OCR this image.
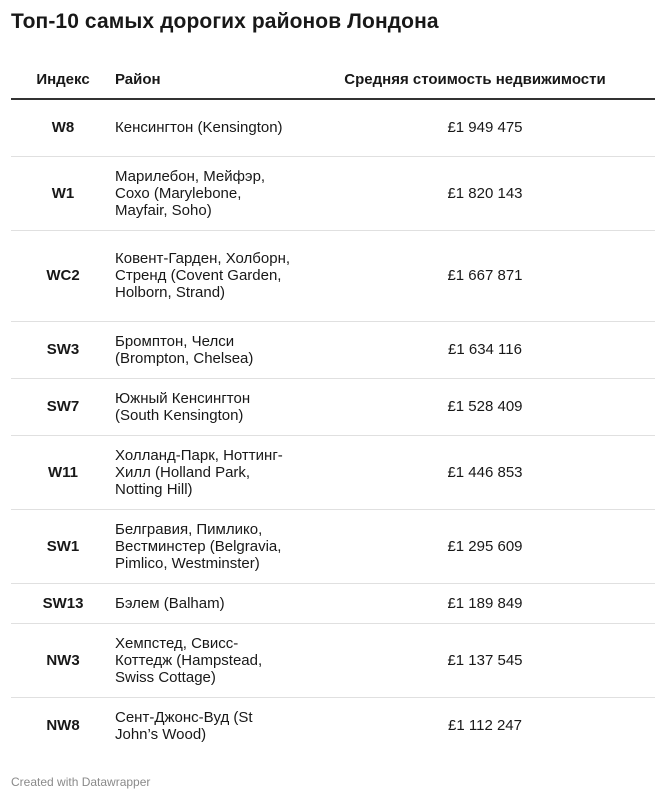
Топ-10 самых дорогих районов Лондона
Индекс	Район	Средняя стоимость недвижимости
W8	Кенсингтон (Kensington)	£1 949 475
W1	Марилебон, Мейфэр, Сохо (Marylebone, Mayfair, Soho)	£1 820 143
WC2	Ковент-Гарден, Холборн, Стренд (Covent Garden, Holborn, Strand)	£1 667 871
SW3	Бромптон, Челси (Brompton, Chelsea)	£1 634 116
SW7	Южный Кенсингтон (South Kensington)	£1 528 409
W11	Холланд-Парк, Ноттинг-Хилл (Holland Park, Notting Hill)	£1 446 853
SW1	Белгравия, Пимлико, Вестминстер (Belgravia, Pimlico, Westminster)	£1 295 609
SW13	Бэлем (Balham)	£1 189 849
NW3	Хемпстед, Свисс-Коттедж (Hampstead, Swiss Cottage)	£1 137 545
NW8	Сент-Джонс-Вуд (St John’s Wood)	£1 112 247
Created with Datawrapper
